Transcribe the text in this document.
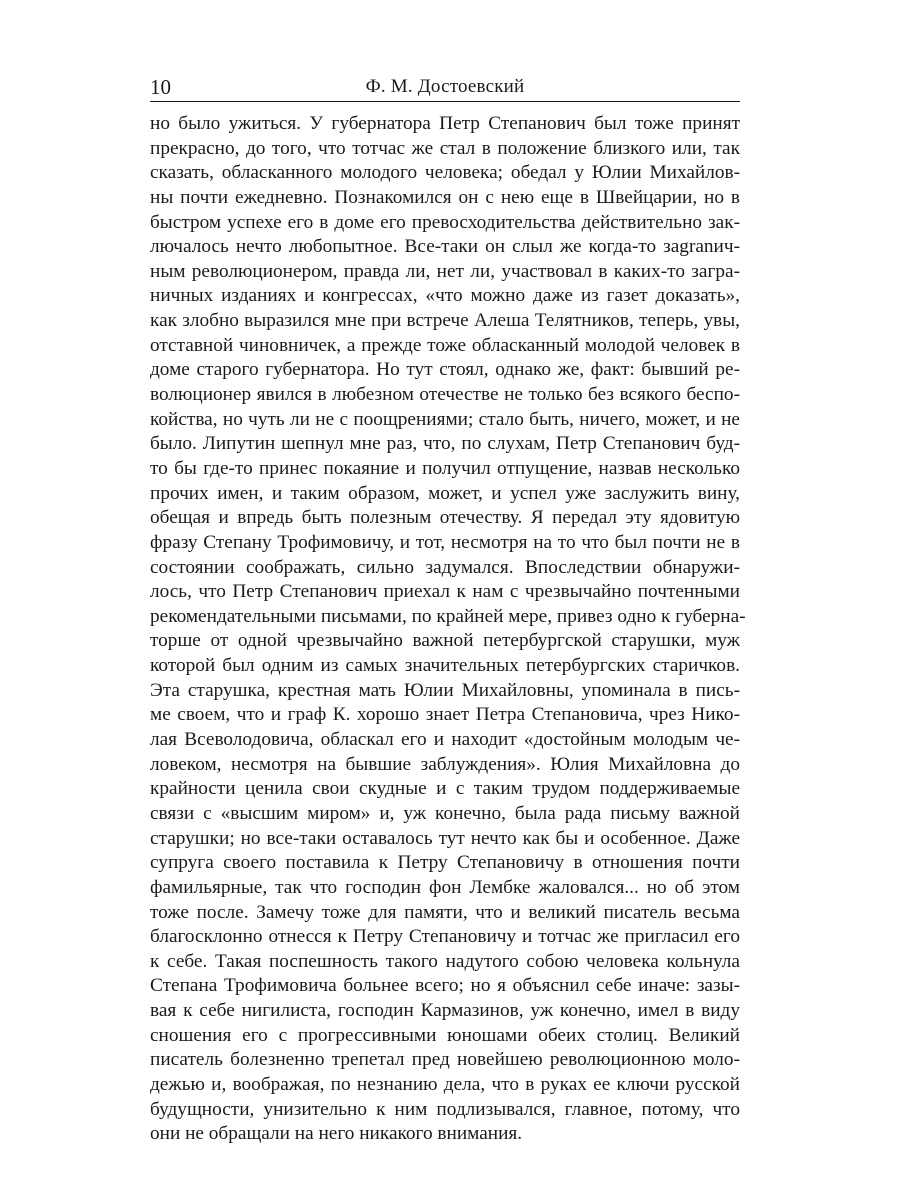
10	Ф. М. Достоевский
но было ужиться. У губернатора Петр Степанович был тоже принят
прекрасно, до того, что тотчас же стал в положение близкого или, так
сказать, обласканного молодого человека; обедал у Юлии Михайлов-
ны почти ежедневно. Познакомился он с нею еще в Швейцарии, но в
быстром успехе его в доме его превосходительства действительно зак-
лючалось нечто любопытное. Все-таки он слыл же когда-то заgranич-
ным революционером, правда ли, нет ли, участвовал в каких-то загра-
ничных изданиях и конгрессах, «что можно даже из газет доказать»,
как злобно выразился мне при встрече Алеша Телятников, теперь, увы,
отставной чиновничек, а прежде тоже обласканный молодой человек в
доме старого губернатора. Но тут стоял, однако же, факт: бывший ре-
волюционер явился в любезном отечестве не только без всякого беспо-
койства, но чуть ли не с поощрениями; стало быть, ничего, может, и не
было. Липутин шепнул мне раз, что, по слухам, Петр Степанович буд-
то бы где-то принес покаяние и получил отпущение, назвав несколько
прочих имен, и таким образом, может, и успел уже заслужить вину,
обещая и впредь быть полезным отечеству. Я передал эту ядовитую
фразу Степану Трофимовичу, и тот, несмотря на то что был почти не в
состоянии соображать, сильно задумался. Впоследствии обнаружи-
лось, что Петр Степанович приехал к нам с чрезвычайно почтенными
рекомендательными письмами, по крайней мере, привез одно к губерна-
торше от одной чрезвычайно важной петербургской старушки, муж
которой был одним из самых значительных петербургских старичков.
Эта старушка, крестная мать Юлии Михайловны, упоминала в пись-
ме своем, что и граф К. хорошо знает Петра Степановича, чрез Нико-
лая Всеволодовича, обласкал его и находит «достойным молодым че-
ловеком, несмотря на бывшие заблуждения». Юлия Михайловна до
крайности ценила свои скудные и с таким трудом поддерживаемые
связи с «высшим миром» и, уж конечно, была рада письму важной
старушки; но все-таки оставалось тут нечто как бы и особенное. Даже
супруга своего поставила к Петру Степановичу в отношения почти
фамильярные, так что господин фон Лембке жаловался... но об этом
тоже после. Замечу тоже для памяти, что и великий писатель весьма
благосклонно отнесся к Петру Степановичу и тотчас же пригласил его
к себе. Такая поспешность такого надутого собою человека кольнула
Степана Трофимовича больнее всего; но я объяснил себе иначе: зазы-
вая к себе нигилиста, господин Кармазинов, уж конечно, имел в виду
сношения его с прогрессивными юношами обеих столиц. Великий
писатель болезненно трепетал пред новейшею революционною моло-
дежью и, воображая, по незнанию дела, что в руках ее ключи русской
будущности, унизительно к ним подлизывался, главное, потому, что
они не обращали на него никакого внимания.
